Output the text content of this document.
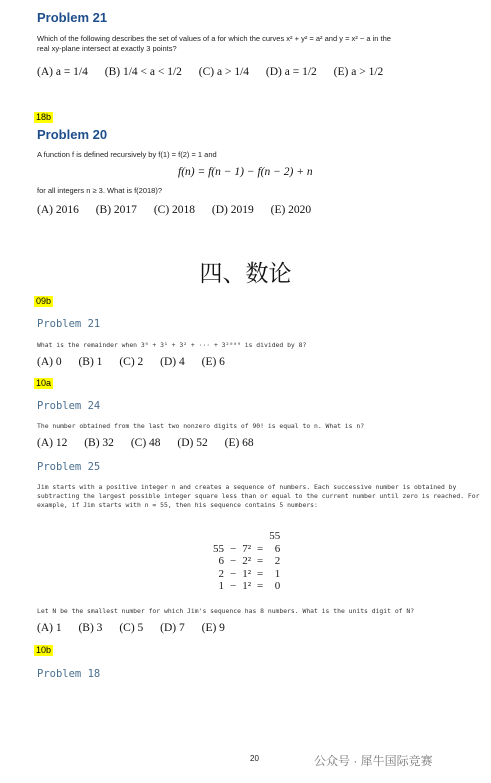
Problem 21
Which of the following describes the set of values of a for which the curves x² + y² = a² and y = x² − a in the
real xy-plane intersect at exactly 3 points?
(A) a = 1/4 (B) 1/4 < a < 1/2 (C) a > 1/4 (D) a = 1/2 (E) a > 1/2
18b
Problem 20
A function f is defined recursively by f(1) = f(2) = 1 and
f(n) = f(n − 1) − f(n − 2) + n
for all integers n ≥ 3. What is f(2018)?
(A) 2016 (B) 2017 (C) 2018 (D) 2019 (E) 2020
四、数论
09b
Problem 21
What is the remainder when 3⁰ + 3¹ + 3² + ··· + 3²⁰⁰⁹ is divided by 8?
(A) 0 (B) 1 (C) 2 (D) 4 (E) 6
10a
Problem 24
The number obtained from the last two nonzero digits of 90! is equal to n. What is n?
(A) 12 (B) 32 (C) 48 (D) 52 (E) 68
Problem 25
Jim starts with a positive integer n and creates a sequence of numbers. Each successive number is obtained by
subtracting the largest possible integer square less than or equal to the current number until zero is reached. For
example, if Jim starts with n = 55, then his sequence contains 5 numbers:
				55
55	−	7²	=	6
6	−	2²	=	2
2	−	1²	=	1
1	−	1²	=	0
Let N be the smallest number for which Jim's sequence has 8 numbers. What is the units digit of N?
(A) 1 (B) 3 (C) 5 (D) 7 (E) 9
10b
Problem 18
20	公众号 · 犀牛国际竞赛
